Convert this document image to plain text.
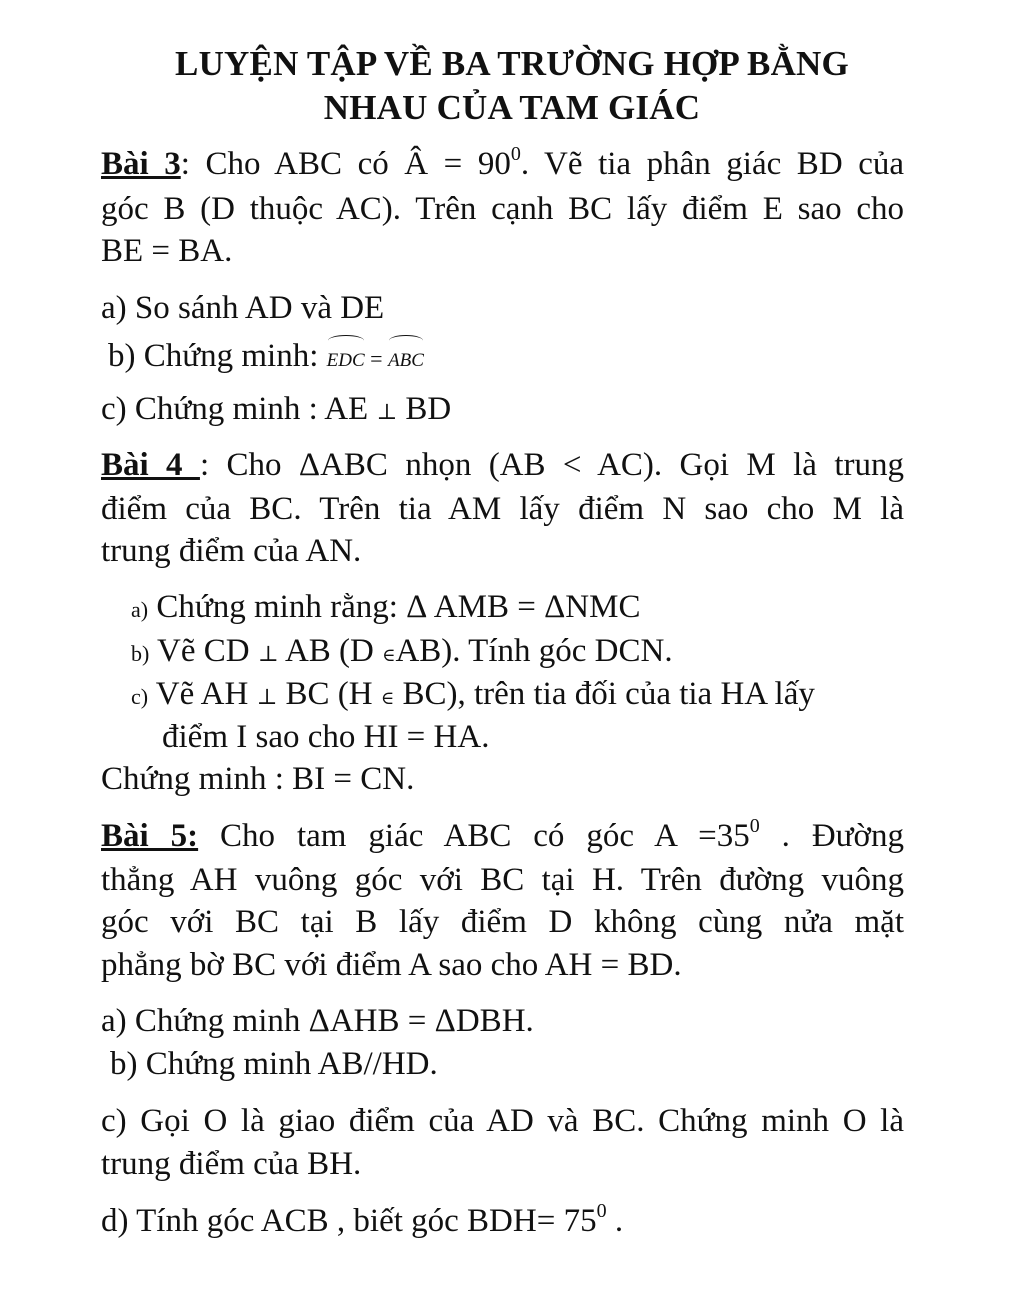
LUYỆN TẬP VỀ BA TRƯỜNG HỢP BẰNG
NHAU CỦA TAM GIÁC
Bài 3: Cho ABC có Â = $90^0$. Vẽ tia phân giác BD của
góc B (D thuộc AC). Trên cạnh BC lấy điểm E sao cho
BE = BA.
a) So sánh AD và DE
b) Chứng minh: EDC = ABC
c) Chứng minh : AE ⊥ BD
Bài 4 : Cho ΔABC nhọn (AB < AC). Gọi M là trung
điểm của BC. Trên tia AM lấy điểm N sao cho M là
trung điểm của AN.
a) Chứng minh rằng: Δ AMB = ΔNMC
b) Vẽ CD ⊥ AB (D ∈AB). Tính góc DCN.
c) Vẽ AH ⊥ BC (H ∈ BC), trên tia đối của tia HA lấy
điểm I sao cho HI = HA.
Chứng minh : BI = CN.
Bài 5: Cho tam giác ABC có góc $A =35^0$ . Đường
thẳng AH vuông góc với BC tại H. Trên đường vuông
góc với BC tại B lấy điểm D không cùng nửa mặt
phẳng bờ BC với điểm A sao cho AH = BD.
a) Chứng minh ΔAHB = ΔDBH.
b) Chứng minh AB//HD.
c) Gọi O là giao điểm của AD và BC. Chứng minh O là
trung điểm của BH.
d) Tính góc ACB , biết góc $BDH= 75^0$ .
